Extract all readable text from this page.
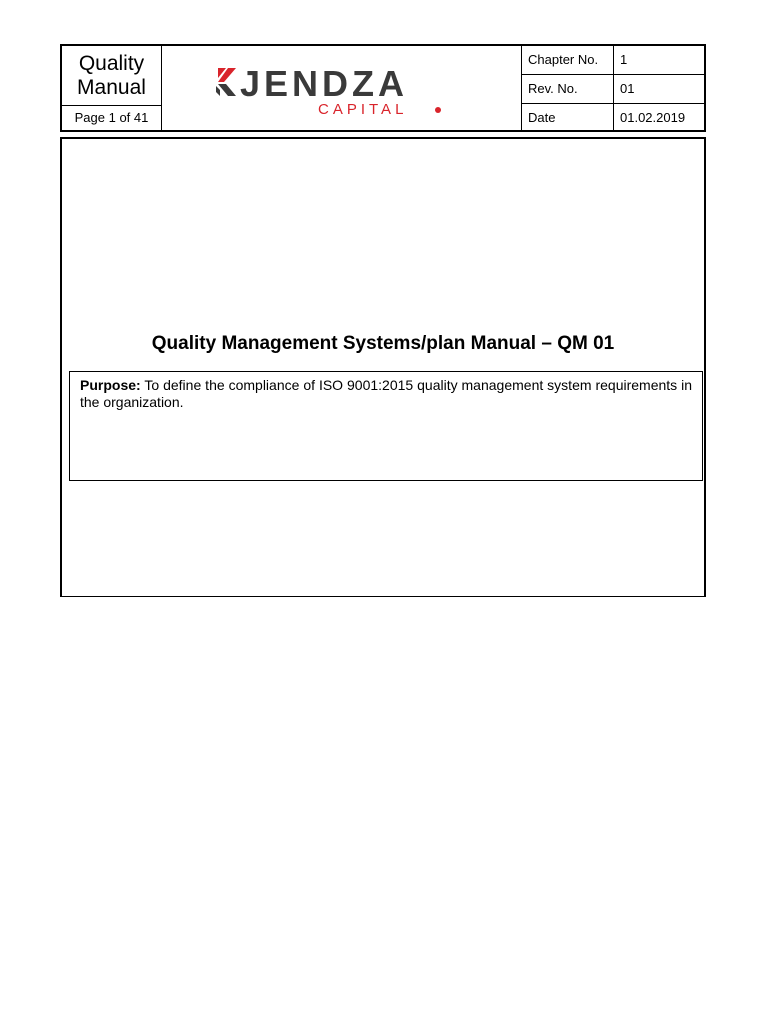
Quality
Manual
Page 1 of 41
JENDZA
CAPITAL
Chapter No.	1
Rev. No.	01
Date	01.02.2019
Quality Management Systems/plan Manual – QM 01
Purpose: To define the compliance of ISO 9001:2015 quality management system requirements in the organization.
